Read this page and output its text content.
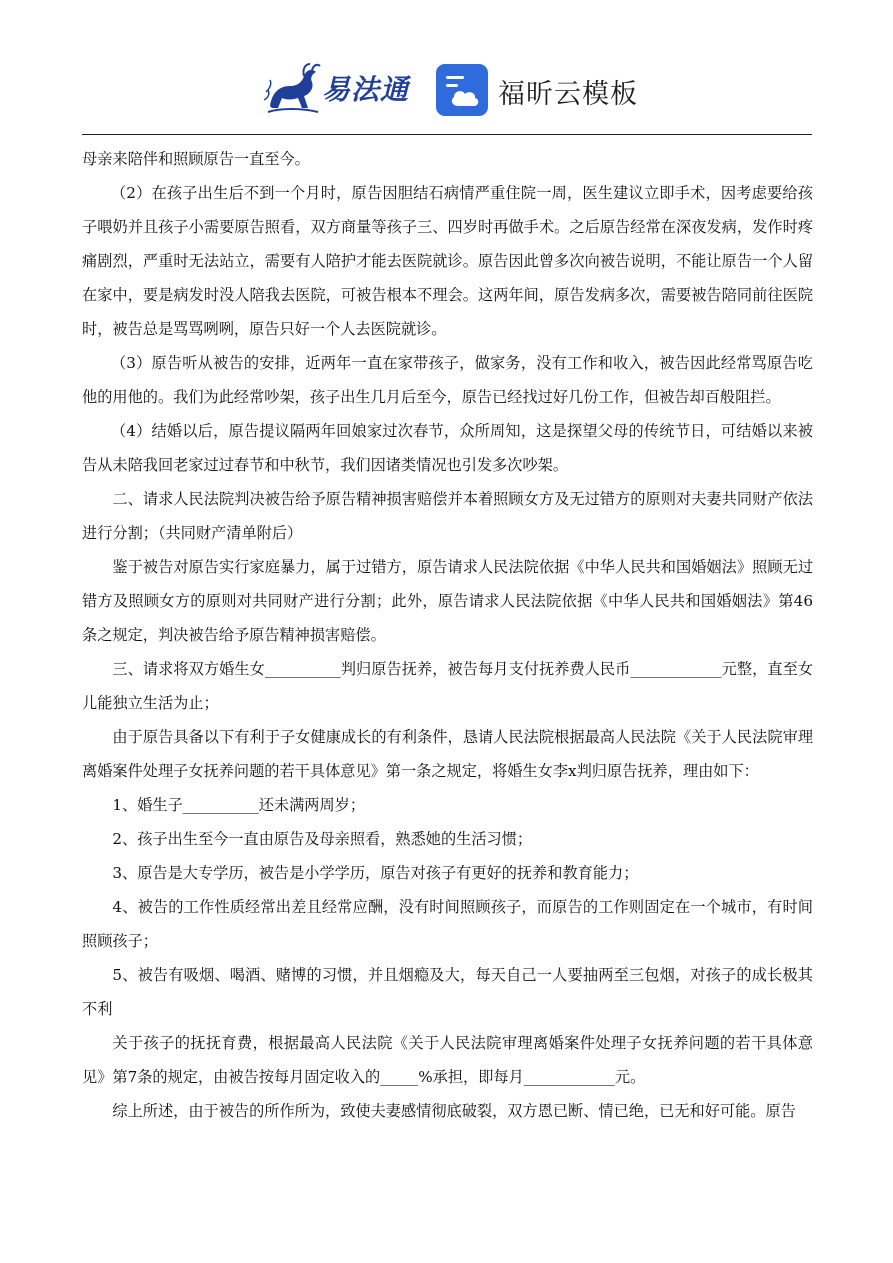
易法通	福昕云模板

母亲来陪伴和照顾原告一直至今。

（2）在孩子出生后不到一个月时，原告因胆结石病情严重住院一周，医生建议立即手术，因考虑要给孩子喂奶并且孩子小需要原告照看，双方商量等孩子三、四岁时再做手术。之后原告经常在深夜发病，发作时疼痛剧烈，严重时无法站立，需要有人陪护才能去医院就诊。原告因此曾多次向被告说明，不能让原告一个人留在家中，要是病发时没人陪我去医院，可被告根本不理会。这两年间，原告发病多次，需要被告陪同前往医院时，被告总是骂骂咧咧，原告只好一个人去医院就诊。

（3）原告听从被告的安排，近两年一直在家带孩子，做家务，没有工作和收入，被告因此经常骂原告吃他的用他的。我们为此经常吵架，孩子出生几月后至今，原告已经找过好几份工作，但被告却百般阻拦。

（4）结婚以后，原告提议隔两年回娘家过次春节，众所周知，这是探望父母的传统节日，可结婚以来被告从未陪我回老家过过春节和中秋节，我们因诸类情况也引发多次吵架。

二、请求人民法院判决被告给予原告精神损害赔偿并本着照顾女方及无过错方的原则对夫妻共同财产依法进行分割；（共同财产清单附后）

鉴于被告对原告实行家庭暴力，属于过错方，原告请求人民法院依据《中华人民共和国婚姻法》照顾无过错方及照顾女方的原则对共同财产进行分割；此外，原告请求人民法院依据《中华人民共和国婚姻法》第46条之规定，判决被告给予原告精神损害赔偿。

三、请求将双方婚生女__________判归原告抚养，被告每月支付抚养费人民币____________元整，直至女儿能独立生活为止；

由于原告具备以下有利于子女健康成长的有利条件，恳请人民法院根据最高人民法院《关于人民法院审理离婚案件处理子女抚养问题的若干具体意见》第一条之规定，将婚生女李x判归原告抚养，理由如下：

1、婚生子__________还未满两周岁；

2、孩子出生至今一直由原告及母亲照看，熟悉她的生活习惯；

3、原告是大专学历，被告是小学学历，原告对孩子有更好的抚养和教育能力；

4、被告的工作性质经常出差且经常应酬，没有时间照顾孩子，而原告的工作则固定在一个城市，有时间照顾孩子；

5、被告有吸烟、喝酒、赌博的习惯，并且烟瘾及大，每天自己一人要抽两至三包烟，对孩子的成长极其不利

关于孩子的抚抚育费，根据最高人民法院《关于人民法院审理离婚案件处理子女抚养问题的若干具体意见》第7条的规定，由被告按每月固定收入的_____%承担，即每月____________元。

综上所述，由于被告的所作所为，致使夫妻感情彻底破裂，双方恩已断、情已绝，已无和好可能。原告
